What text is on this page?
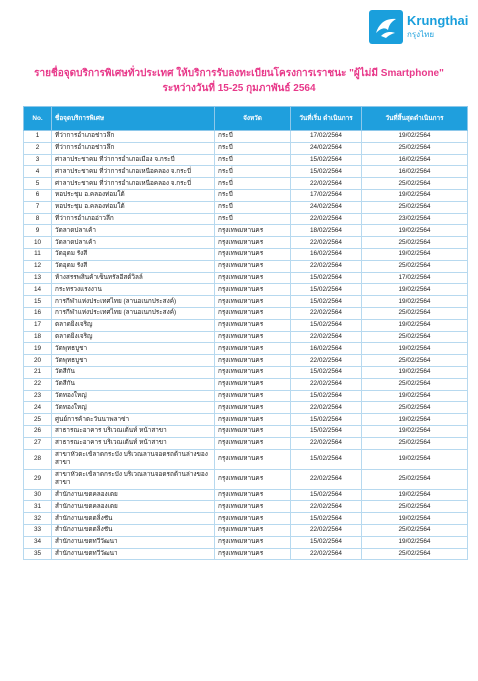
Krungthai
กรุงไทย
รายชื่อจุดบริการพิเศษทั่วประเทศ ให้บริการรับลงทะเบียนโครงการเราชนะ "ผู้ไม่มี Smartphone"
ระหว่างวันที่ 15-25 กุมภาพันธ์ 2564
No.	ชื่อจุดบริการพิเศษ	จังหวัด	วันที่เริ่ม ดำเนินการ	วันที่สิ้นสุดดำเนินการ
1	ที่ว่าการอำเภอช่าวลึก	กระบี่	17/02/2564	19/02/2564
2	ที่ว่าการอำเภอช่าวลึก	กระบี่	24/02/2564	25/02/2564
3	ศาลาประชาคม ที่ว่าการอำเภอเมือง จ.กระบี่	กระบี่	15/02/2564	16/02/2564
4	ศาลาประชาคม ที่ว่าการอำเภอเหนือคลอง จ.กระบี่	กระบี่	15/02/2564	16/02/2564
5	ศาลาประชาคม ที่ว่าการอำเภอเหนือคลอง จ.กระบี่	กระบี่	22/02/2564	25/02/2564
6	หอประชุม อ.คลองท่อมใต้	กระบี่	17/02/2564	19/02/2564
7	หอประชุม อ.คลองท่อมใต้	กระบี่	24/02/2564	25/02/2564
8	ที่ว่าการอำเภออ่าวลึก	กระบี่	22/02/2564	23/02/2564
9	วัดลาดปลาเค้า	กรุงเทพมหานคร	18/02/2564	19/02/2564
10	วัดลาดปลาเค้า	กรุงเทพมหานคร	22/02/2564	25/02/2564
11	วัดอุดม รังสี	กรุงเทพมหานคร	16/02/2564	19/02/2564
12	วัดอุดม รังสี	กรุงเทพมหานคร	22/02/2564	25/02/2564
13	ห้างสรรพสินค้าเซ็นทรัลอีสต์วิลล์	กรุงเทพมหานคร	15/02/2564	17/02/2564
14	กระทรวงแรงงาน	กรุงเทพมหานคร	15/02/2564	19/02/2564
15	การกีฬาแห่งประเทศไทย (ลานอเนกประสงค์)	กรุงเทพมหานคร	15/02/2564	19/02/2564
16	การกีฬาแห่งประเทศไทย (ลานอเนกประสงค์)	กรุงเทพมหานคร	22/02/2564	25/02/2564
17	ตลาดยิ่งเจริญ	กรุงเทพมหานคร	15/02/2564	19/02/2564
18	ตลาดยิ่งเจริญ	กรุงเทพมหานคร	22/02/2564	25/02/2564
19	วัดพุทธบูชา	กรุงเทพมหานคร	16/02/2564	19/02/2564
20	วัดพุทธบูชา	กรุงเทพมหานคร	22/02/2564	25/02/2564
21	วัดสีกัน	กรุงเทพมหานคร	15/02/2564	19/02/2564
22	วัดสีกัน	กรุงเทพมหานคร	22/02/2564	25/02/2564
23	วัดทองใหญ่	กรุงเทพมหานคร	15/02/2564	19/02/2564
24	วัดทองใหญ่	กรุงเทพมหานคร	22/02/2564	25/02/2564
25	ศูนย์การค้าตะวันนาพลาซ่า	กรุงเทพมหานคร	15/02/2564	19/02/2564
26	สาธารณะอาคาร บริเวณเต้นท์ หน้าสาขา	กรุงเทพมหานคร	15/02/2564	19/02/2564
27	สาธารณะอาคาร บริเวณเต้นท์ หน้าสาขา	กรุงเทพมหานคร	22/02/2564	25/02/2564
28	สาขาหัวตะเข้ลาดกระบัง บริเวณลานจอดรถด้านล่างของสาขา	กรุงเทพมหานคร	15/02/2564	19/02/2564
29	สาขาหัวตะเข้ลาดกระบัง บริเวณลานจอดรถด้านล่างของสาขา	กรุงเทพมหานคร	22/02/2564	25/02/2564
30	สำนักงานเขตคลองเตย	กรุงเทพมหานคร	15/02/2564	19/02/2564
31	สำนักงานเขตคลองเตย	กรุงเทพมหานคร	22/02/2564	25/02/2564
32	สำนักงานเขตตลิ่งชัน	กรุงเทพมหานคร	15/02/2564	19/02/2564
33	สำนักงานเขตตลิ่งชัน	กรุงเทพมหานคร	22/02/2564	25/02/2564
34	สำนักงานเขตทวีวัฒนา	กรุงเทพมหานคร	15/02/2564	19/02/2564
35	สำนักงานเขตทวีวัฒนา	กรุงเทพมหานคร	22/02/2564	25/02/2564
